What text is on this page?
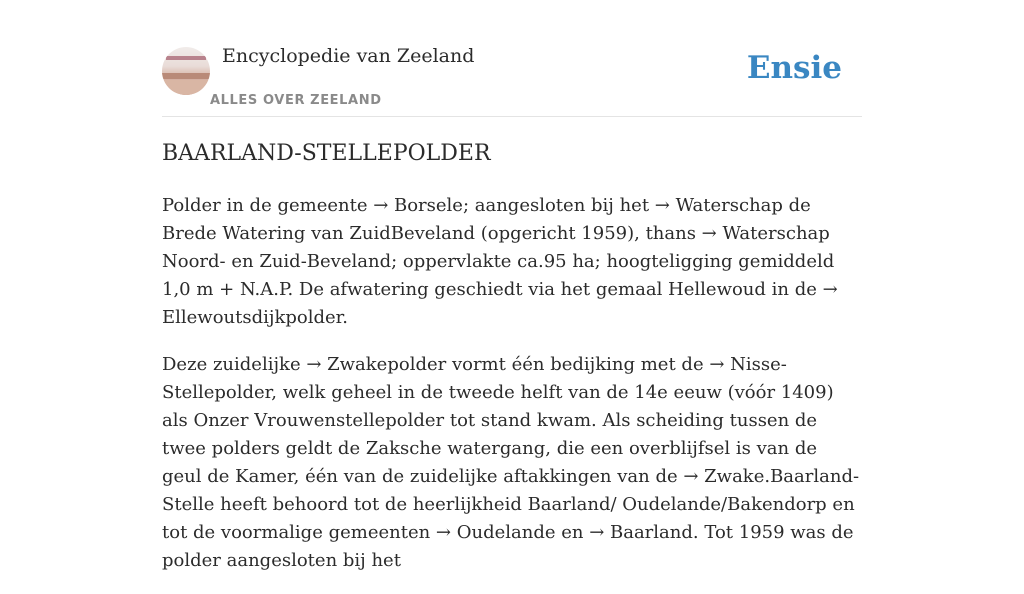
Encyclopedie van Zeeland
ALLES OVER ZEELAND
Ensie
BAARLAND-STELLEPOLDER

Polder in de gemeente → Borsele; aangesloten bij het → Waterschap de Brede Watering van ZuidBeveland (opgericht 1959), thans → Waterschap Noord- en Zuid-Beveland; oppervlakte ca.95 ha; hoogteligging gemiddeld 1,0 m + N.A.P. De afwatering geschiedt via het gemaal Hellewoud in de → Ellewoutsdijkpolder.

Deze zuidelijke → Zwakepolder vormt één bedijking met de → Nisse-Stellepolder, welk geheel in de tweede helft van de 14e eeuw (vóór 1409) als Onzer Vrouwenstellepolder tot stand kwam. Als scheiding tussen de twee polders geldt de Zaksche watergang, die een overblijfsel is van de geul de Kamer, één van de zuidelijke aftakkingen van de → Zwake.Baarland-Stelle heeft behoord tot de heerlijkheid Baarland/ Oudelande/Bakendorp en tot de voormalige gemeenten → Oudelande en → Baarland. Tot 1959 was de polder aangesloten bij het
